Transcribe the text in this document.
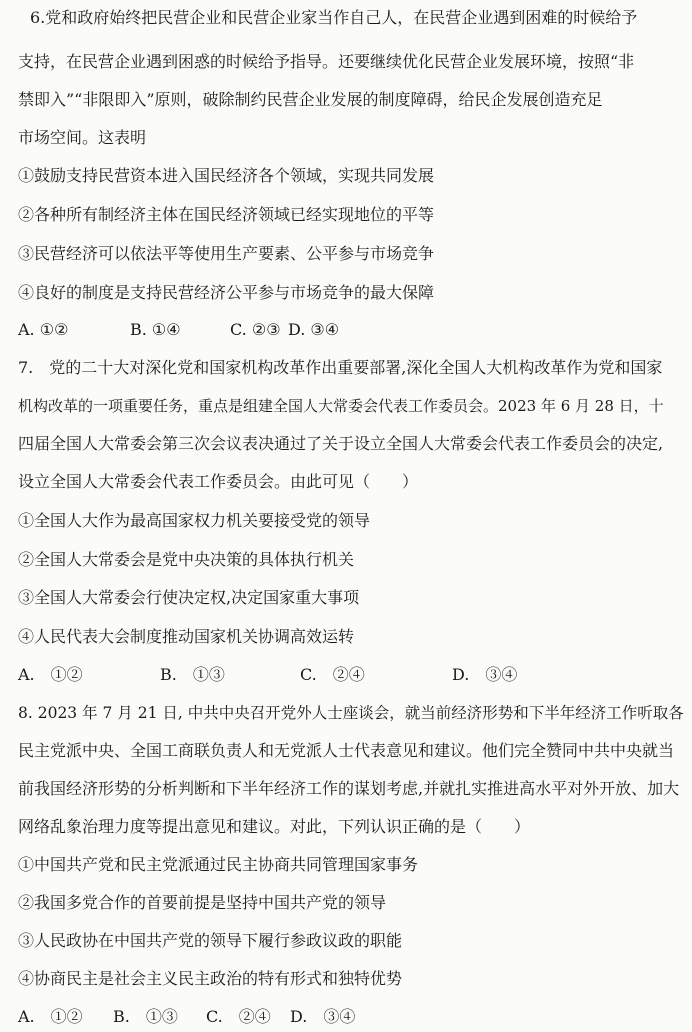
6.党和政府始终把民营企业和民营企业家当作自己人，在民营企业遇到困难的时候给予
支持，在民营企业遇到困惑的时候给予指导。还要继续优化民营企业发展环境，按照“非
禁即入”“非限即入”原则，破除制约民营企业发展的制度障碍，给民企发展创造充足
市场空间。这表明
①鼓励支持民营资本进入国民经济各个领域，实现共同发展
②各种所有制经济主体在国民经济领域已经实现地位的平等
③民营经济可以依法平等使用生产要素、公平参与市场竞争
④良好的制度是支持民营经济公平参与市场竞争的最大保障
A. ①②	B. ①④	C. ②③ D. ③④
7.　党的二十大对深化党和国家机构改革作出重要部署,深化全国人大机构改革作为党和国家
机构改革的一项重要任务，重点是组建全国人大常委会代表工作委员会。2023 年 6 月 28 日，十
四届全国人大常委会第三次会议表决通过了关于设立全国人大常委会代表工作委员会的决定,
设立全国人大常委会代表工作委员会。由此可见（　　）
①全国人大作为最高国家权力机关要接受党的领导
②全国人大常委会是党中央决策的具体执行机关
③全国人大常委会行使决定权,决定国家重大事项
④人民代表大会制度推动国家机关协调高效运转
A.　①②	B.　①③	C.　②④	D.　③④
8. 2023 年 7 月 21 日, 中共中央召开党外人士座谈会，就当前经济形势和下半年经济工作听取各
民主党派中央、全国工商联负责人和无党派人士代表意见和建议。他们完全赞同中共中央就当
前我国经济形势的分析判断和下半年经济工作的谋划考虑,并就扎实推进高水平对外开放、加大
网络乱象治理力度等提出意见和建议。对此，下列认识正确的是（　　）
①中国共产党和民主党派通过民主协商共同管理国家事务
②我国多党合作的首要前提是坚持中国共产党的领导
③人民政协在中国共产党的领导下履行参政议政的职能
④协商民主是社会主义民主政治的特有形式和独特优势
A.　①② B.　①③ C.　②④ D.　③④
